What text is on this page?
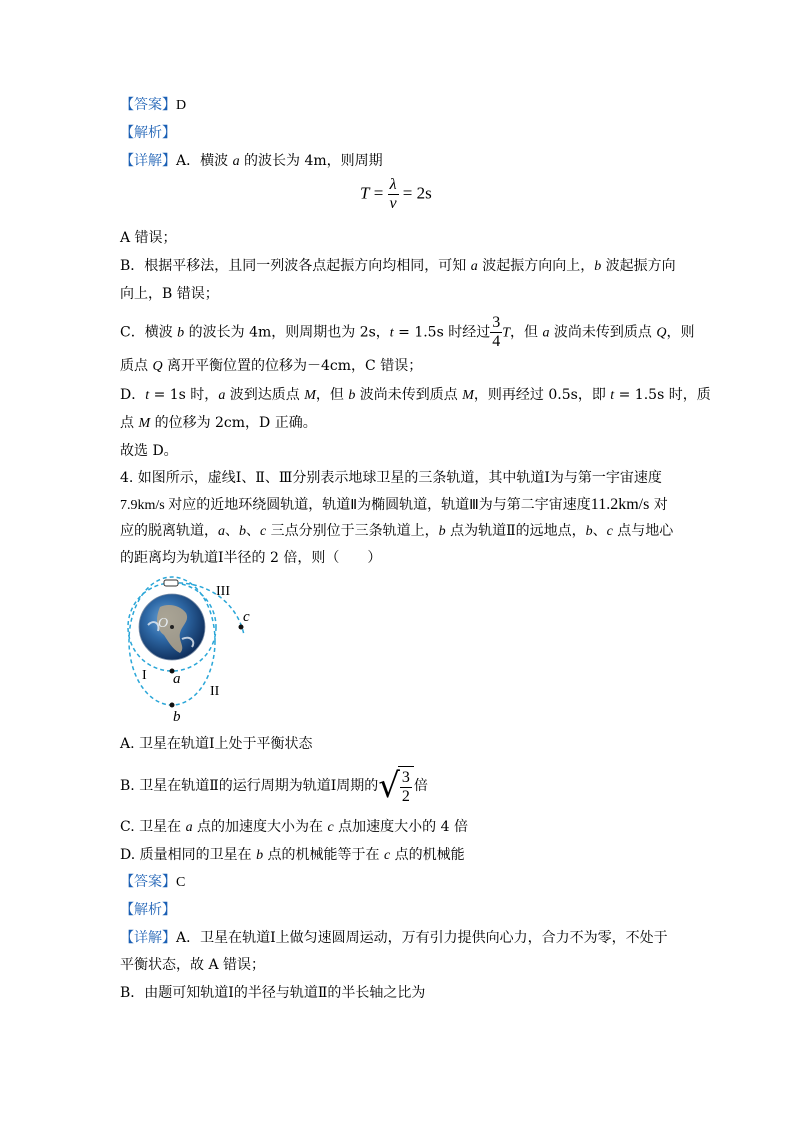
【答案】D
【解析】
【详解】A．横波 a 的波长为 4m，则周期
$T = \frac{\lambda}{v} = 2s$
A 错误；
B．根据平移法，且同一列波各点起振方向均相同，可知 a 波起振方向向上，b 波起振方向
向上，B 错误；
C．横波 b 的波长为 4m，则周期也为 2s，t = 1.5s 时经过 $\frac{3}{4}$ T，但 a 波尚未传到质点 Q，则
质点 Q 离开平衡位置的位移为－4cm，C 错误；
D．t = 1s 时，a 波到达质点 M，但 b 波尚未传到质点 M，则再经过 0.5s，即 t = 1.5s 时，质
点 M 的位移为 2cm，D 正确。
故选 D。
4. 如图所示，虚线Ⅰ、Ⅱ、Ⅲ分别表示地球卫星的三条轨道，其中轨道Ⅰ为与第一宇宙速度
7.9km/s 对应的近地环绕圆轨道，轨道Ⅱ为椭圆轨道，轨道Ⅲ为与第二宇宙速度11.2km/s 对
应的脱离轨道，a、b、c 三点分别位于三条轨道上，b 点为轨道Ⅱ的远地点，b、c 点与地心
的距离均为轨道Ⅰ半径的 2 倍，则（　　）
III
c
O
I a
II
b
A. 卫星在轨道Ⅰ上处于平衡状态
B. 卫星在轨道Ⅱ的运行周期为轨道Ⅰ周期的 √ $\frac{3}{2}$ 倍
C. 卫星在 a 点的加速度大小为在 c 点加速度大小的 4 倍
D. 质量相同的卫星在 b 点的机械能等于在 c 点的机械能
【答案】C
【解析】
【详解】A．卫星在轨道Ⅰ上做匀速圆周运动，万有引力提供向心力，合力不为零，不处于
平衡状态，故 A 错误；
B．由题可知轨道Ⅰ的半径与轨道Ⅱ的半长轴之比为
